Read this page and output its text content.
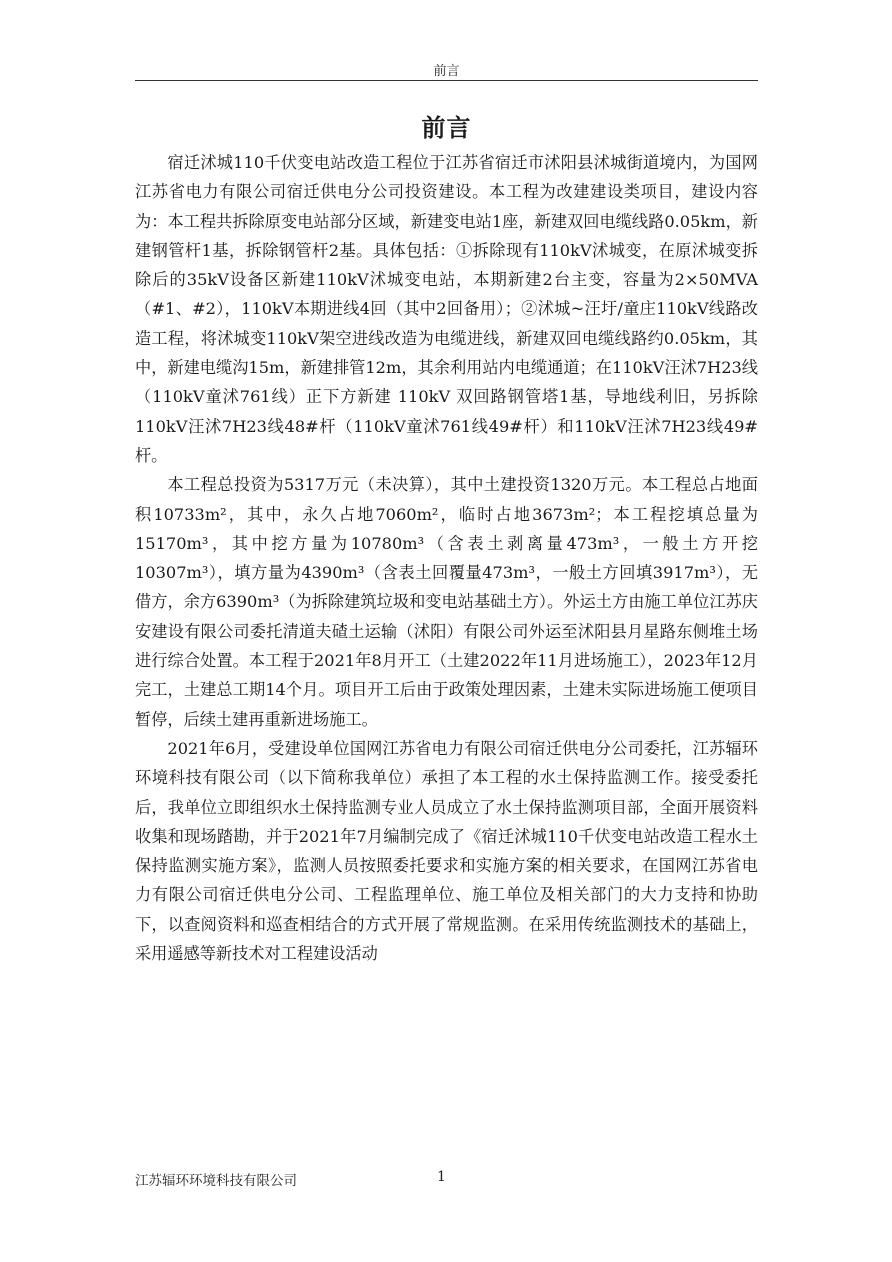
前言
前言

宿迁沭城110千伏变电站改造工程位于江苏省宿迁市沭阳县沭城街道境内，为国网江苏省电力有限公司宿迁供电分公司投资建设。本工程为改建建设类项目，建设内容为：本工程共拆除原变电站部分区域，新建变电站1座，新建双回电缆线路0.05km，新建钢管杆1基，拆除钢管杆2基。具体包括：①拆除现有110kV沭城变，在原沭城变拆除后的35kV设备区新建110kV沭城变电站，本期新建2台主变，容量为2×50MVA（#1、#2），110kV本期进线4回（其中2回备用）；②沭城~汪圩/童庄110kV线路改造工程，将沭城变110kV架空进线改造为电缆进线，新建双回电缆线路约0.05km，其中，新建电缆沟15m，新建排管12m，其余利用站内电缆通道；在110kV汪沭7H23线（110kV童沭761线）正下方新建 110kV 双回路钢管塔1基，导地线利旧，另拆除110kV汪沭7H23线48#杆（110kV童沭761线49#杆）和110kV汪沭7H23线49#杆。

本工程总投资为5317万元（未决算），其中土建投资1320万元。本工程总占地面积10733m²，其中，永久占地7060m²，临时占地3673m²；本工程挖填总量为15170m³，其中挖方量为10780m³（含表土剥离量473m³，一般土方开挖10307m³），填方量为4390m³（含表土回覆量473m³，一般土方回填3917m³），无借方，余方6390m³（为拆除建筑垃圾和变电站基础土方）。外运土方由施工单位江苏庆安建设有限公司委托清道夫碴土运输（沭阳）有限公司外运至沭阳县月星路东侧堆土场进行综合处置。本工程于2021年8月开工（土建2022年11月进场施工），2023年12月完工，土建总工期14个月。项目开工后由于政策处理因素，土建未实际进场施工便项目暂停，后续土建再重新进场施工。

2021年6月，受建设单位国网江苏省电力有限公司宿迁供电分公司委托，江苏辐环环境科技有限公司（以下简称我单位）承担了本工程的水土保持监测工作。接受委托后，我单位立即组织水土保持监测专业人员成立了水土保持监测项目部，全面开展资料收集和现场踏勘，并于2021年7月编制完成了《宿迁沭城110千伏变电站改造工程水土保持监测实施方案》，监测人员按照委托要求和实施方案的相关要求，在国网江苏省电力有限公司宿迁供电分公司、工程监理单位、施工单位及相关部门的大力支持和协助下，以查阅资料和巡查相结合的方式开展了常规监测。在采用传统监测技术的基础上，采用遥感等新技术对工程建设活动

江苏辐环环境科技有限公司	1
